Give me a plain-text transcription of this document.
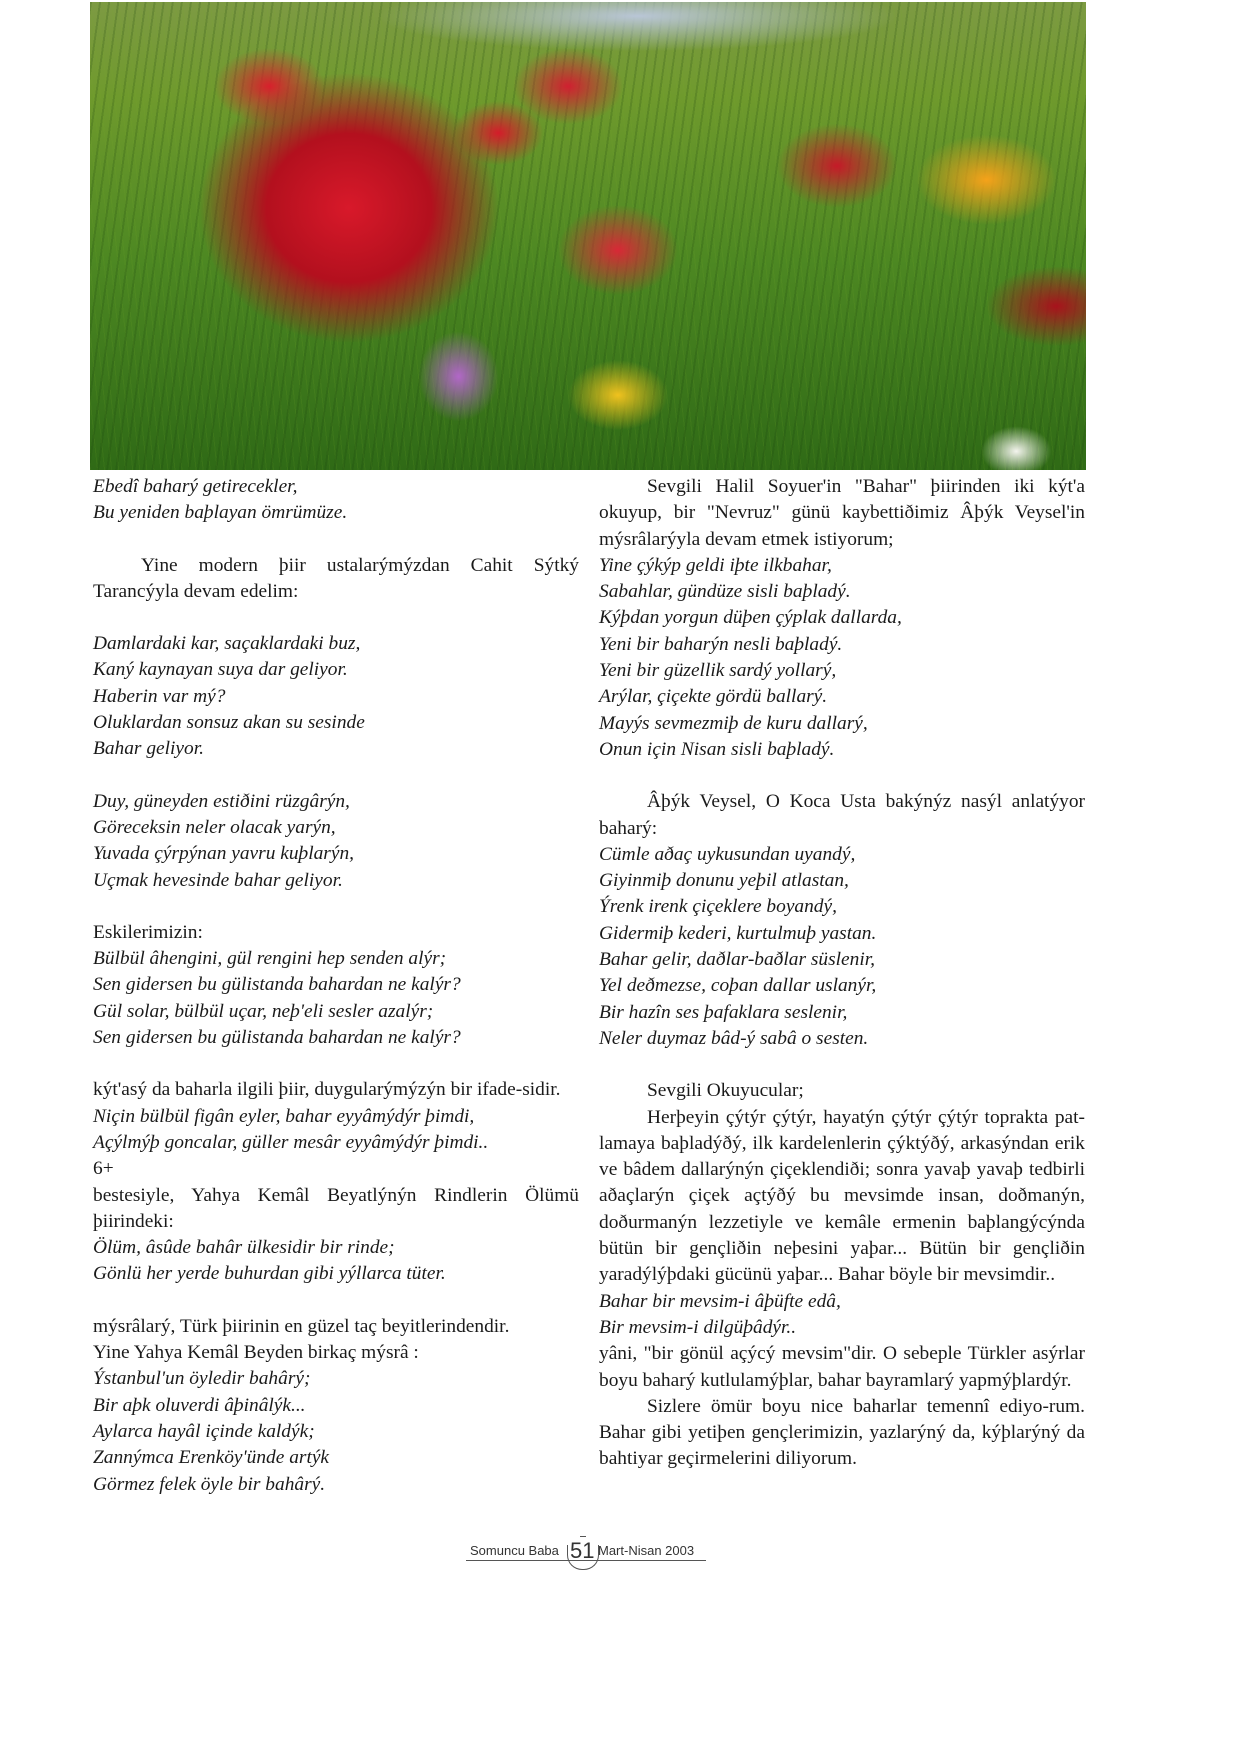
Ebedî baharý getirecekler,

Bu yeniden baþlayan ömrümüze.

Yine modern þiir ustalarýmýzdan Cahit Sýtký Tarancýyla devam edelim:

Damlardaki kar, saçaklardaki buz,

Kaný kaynayan suya dar geliyor.

Haberin var mý?

Oluklardan sonsuz akan su sesinde

Bahar geliyor.

Duy, güneyden estiðini rüzgârýn,

Göreceksin neler olacak yarýn,

Yuvada çýrpýnan yavru kuþlarýn,

Uçmak hevesinde bahar geliyor.

Eskilerimizin:

Bülbül âhengini, gül rengini hep senden alýr;

Sen gidersen bu gülistanda bahardan ne kalýr?

Gül solar, bülbül uçar, neþ'eli sesler azalýr;

Sen gidersen bu gülistanda bahardan ne kalýr?

kýt'asý da baharla ilgili þiir, duygularýmýzýn bir ifade-sidir.

Niçin bülbül figân eyler, bahar eyyâmýdýr þimdi,

Açýlmýþ goncalar, güller mesâr eyyâmýdýr þimdi..

6+

bestesiyle, Yahya Kemâl Beyatlýnýn Rindlerin Ölümü þiirindeki:

Ölüm, âsûde bahâr ülkesidir bir rinde;

Gönlü her yerde buhurdan gibi yýllarca tüter.

mýsrâlarý, Türk þiirinin en güzel taç beyitlerindendir.

Yine Yahya Kemâl Beyden birkaç mýsrâ :

Ýstanbul'un öyledir bahârý;

Bir aþk oluverdi âþinâlýk...

Aylarca hayâl içinde kaldýk;

Zannýmca Erenköy'ünde artýk

Görmez felek öyle bir bahârý.

Sevgili Halil Soyuer'in "Bahar" þiirinden iki kýt'a okuyup, bir "Nevruz" günü kaybettiðimiz Âþýk Veysel'in mýsrâlarýyla devam etmek istiyorum;

Yine çýkýp geldi iþte ilkbahar,

Sabahlar, gündüze sisli baþladý.

Kýþdan yorgun düþen çýplak dallarda,

Yeni bir baharýn nesli baþladý.

Yeni bir güzellik sardý yollarý,

Arýlar, çiçekte gördü ballarý.

Mayýs sevmezmiþ de kuru dallarý,

Onun için Nisan sisli baþladý.

Âþýk Veysel, O Koca Usta bakýnýz nasýl anlatýyor baharý:

Cümle aðaç uykusundan uyandý,

Giyinmiþ donunu yeþil atlastan,

Ýrenk irenk çiçeklere boyandý,

Gidermiþ kederi, kurtulmuþ yastan.

Bahar gelir, daðlar-baðlar süslenir,

Yel deðmezse, coþan dallar uslanýr,

Bir hazîn ses þafaklara seslenir,

Neler duymaz bâd-ý sabâ o sesten.

Sevgili Okuyucular;

Herþeyin çýtýr çýtýr, hayatýn çýtýr çýtýr toprakta pat-lamaya baþladýðý, ilk kardelenlerin çýktýðý, arkasýndan erik ve bâdem dallarýnýn çiçeklendiði; sonra yavaþ yavaþ tedbirli aðaçlarýn çiçek açtýðý bu mevsimde insan, doðmanýn, doðurmanýn lezzetiyle ve kemâle ermenin baþlangýcýnda bütün bir gençliðin neþesini yaþar... Bütün bir gençliðin yaradýlýþdaki gücünü yaþar... Bahar böyle bir mevsimdir..

Bahar bir mevsim-i âþüfte edâ,

Bir mevsim-i dilgüþâdýr..

yâni, "bir gönül açýcý mevsim"dir. O sebeple Türkler asýrlar boyu baharý kutlulamýþlar, bahar bayramlarý yapmýþlardýr.

Sizlere ömür boyu nice baharlar temennî ediyo-rum. Bahar gibi yetiþen gençlerimizin, yazlarýný da, kýþlarýný da bahtiyar geçirmelerini diliyorum.

Somuncu Baba 51 Mart-Nisan 2003
